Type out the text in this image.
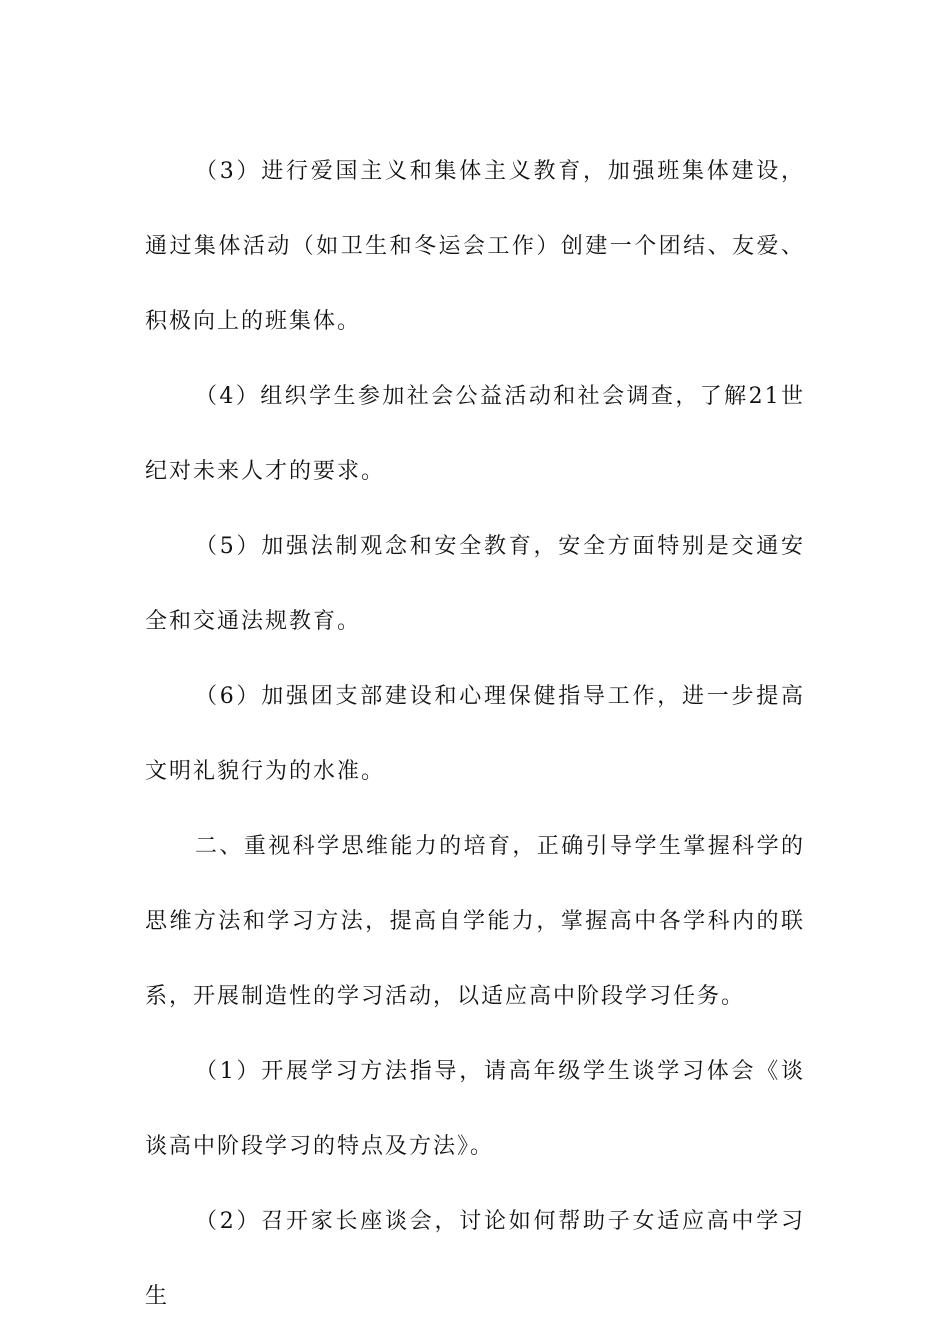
（3）进行爱国主义和集体主义教育，加强班集体建设，通过集体活动（如卫生和冬运会工作）创建一个团结、友爱、积极向上的班集体。

（4）组织学生参加社会公益活动和社会调查，了解21世纪对未来人才的要求。

（5）加强法制观念和安全教育，安全方面特别是交通安全和交通法规教育。

（6）加强团支部建设和心理保健指导工作，进一步提高文明礼貌行为的水准。

二、重视科学思维能力的培育，正确引导学生掌握科学的思维方法和学习方法，提高自学能力，掌握高中各学科内的联系，开展制造性的学习活动，以适应高中阶段学习任务。

（1）开展学习方法指导，请高年级学生谈学习体会《谈谈高中阶段学习的特点及方法》。

（2）召开家长座谈会，讨论如何帮助子女适应高中学习生
